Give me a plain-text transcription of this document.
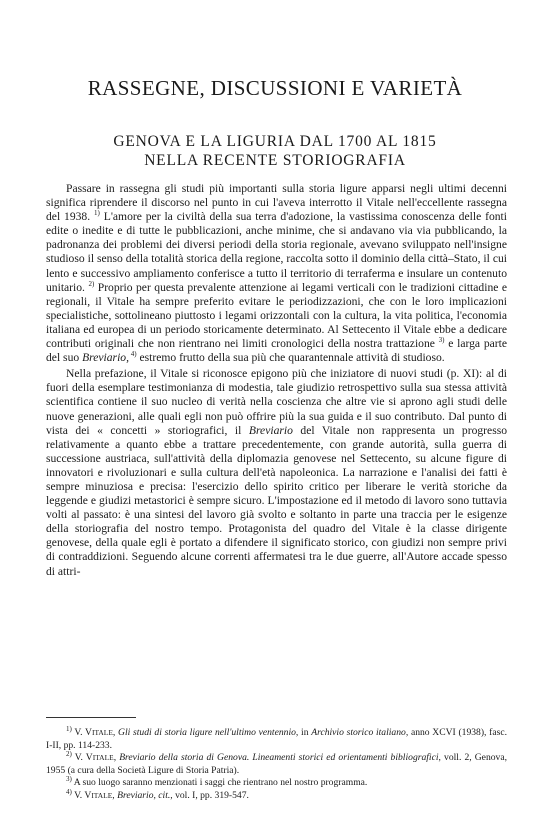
RASSEGNE, DISCUSSIONI E VARIETÀ
GENOVA E LA LIGURIA DAL 1700 AL 1815
NELLA RECENTE STORIOGRAFIA

Passare in rassegna gli studi più importanti sulla storia ligure apparsi negli ultimi decenni significa riprendere il discorso nel punto in cui l'aveva interrotto il Vitale nell'eccellente rassegna del 1938. $^{1)}$ L'amore per la civiltà della sua terra d'adozione, la vastissima conoscenza delle fonti edite o inedite e di tutte le pubblicazioni, anche minime, che si andavano via via pubblicando, la padronanza dei problemi dei diversi periodi della storia regionale, avevano sviluppato nell'insigne studioso il senso della totalità storica della regione, raccolta sotto il dominio della città–Stato, il cui lento e successivo ampliamento conferisce a tutto il territorio di terraferma e insulare un contenuto unitario. $^{2)}$ Proprio per questa prevalente attenzione ai legami verticali con le tradizioni cittadine e regionali, il Vitale ha sempre preferito evitare le periodizzazioni, che con le loro implicazioni specialistiche, sottolineano piuttosto i legami orizzontali con la cultura, la vita politica, l'economia italiana ed europea di un periodo storicamente determinato. Al Settecento il Vitale ebbe a dedicare contributi originali che non rientrano nei limiti cronologici della nostra trattazione $^{3)}$ e larga parte del suo Breviario, $^{4)}$ estremo frutto della sua più che quarantennale attività di studioso.

Nella prefazione, il Vitale si riconosce epigono più che iniziatore di nuovi studi (p. XI): al di fuori della esemplare testimonianza di modestia, tale giudizio retrospettivo sulla sua stessa attività scientifica contiene il suo nucleo di verità nella coscienza che altre vie si aprono agli studi delle nuove generazioni, alle quali egli non può offrire più la sua guida e il suo contributo. Dal punto di vista dei « concetti » storiografici, il Breviario del Vitale non rappresenta un progresso relativamente a quanto ebbe a trattare precedentemente, con grande autorità, sulla guerra di successione austriaca, sull'attività della diplomazia genovese nel Settecento, su alcune figure di innovatori e rivoluzionari e sulla cultura dell'età napoleonica. La narrazione e l'analisi dei fatti è sempre minuziosa e precisa: l'esercizio dello spirito critico per liberare le verità storiche da leggende e giudizi metastorici è sempre sicuro. L'impostazione ed il metodo di lavoro sono tuttavia volti al passato: è una sintesi del lavoro già svolto e soltanto in parte una traccia per le esigenze della storiografia del nostro tempo. Protagonista del quadro del Vitale è la classe dirigente genovese, della quale egli è portato a difendere il significato storico, con giudizi non sempre privi di contraddizioni. Seguendo alcune correnti affermatesi tra le due guerre, all'Autore accade spesso di attri-

$^{1)}$ V. VITALE, Gli studi di storia ligure nell'ultimo ventennio, in Archivio storico italiano, anno XCVI (1938), fasc. I-II, pp. 114-233.

$^{2)}$ V. VITALE, Breviario della storia di Genova. Lineamenti storici ed orientamenti bibliografici, voll. 2, Genova, 1955 (a cura della Società Ligure di Storia Patria).

$^{3)}$ A suo luogo saranno menzionati i saggi che rientrano nel nostro programma.

$^{4)}$ V. VITALE, Breviario, cit., vol. I, pp. 319-547.
